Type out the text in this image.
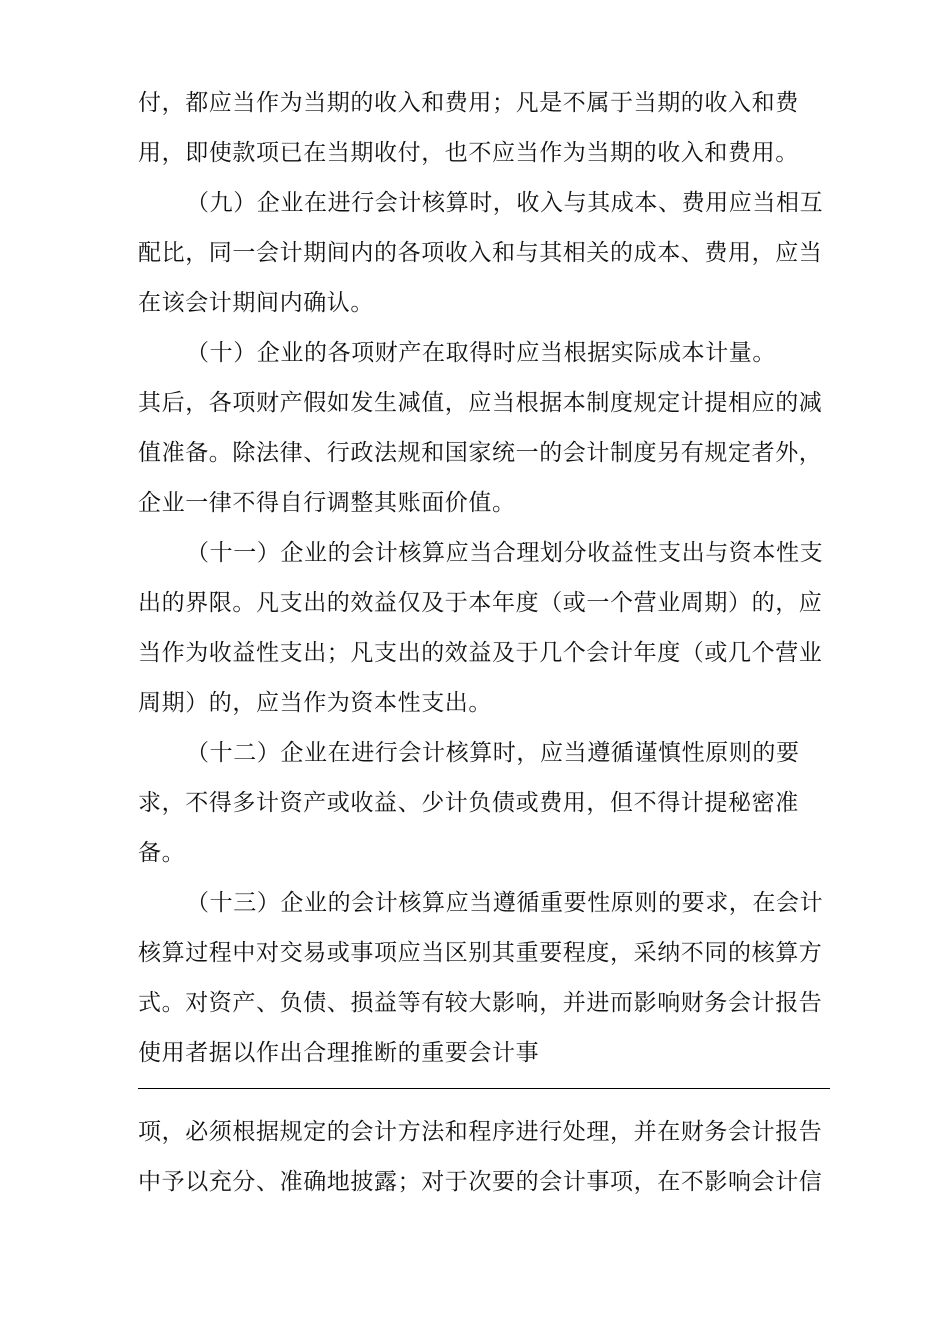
付，都应当作为当期的收入和费用；凡是不属于当期的收入和费
用，即使款项已在当期收付，也不应当作为当期的收入和费用。
（九）企业在进行会计核算时，收入与其成本、费用应当相互
配比，同一会计期间内的各项收入和与其相关的成本、费用，应当
在该会计期间内确认。
（十）企业的各项财产在取得时应当根据实际成本计量。
其后，各项财产假如发生减值，应当根据本制度规定计提相应的减
值准备。除法律、行政法规和国家统一的会计制度另有规定者外，
企业一律不得自行调整其账面价值。
（十一）企业的会计核算应当合理划分收益性支出与资本性支
出的界限。凡支出的效益仅及于本年度（或一个营业周期）的，应
当作为收益性支出；凡支出的效益及于几个会计年度（或几个营业
周期）的，应当作为资本性支出。
（十二）企业在进行会计核算时，应当遵循谨慎性原则的要
求，不得多计资产或收益、少计负债或费用，但不得计提秘密准
备。
（十三）企业的会计核算应当遵循重要性原则的要求，在会计
核算过程中对交易或事项应当区别其重要程度，采纳不同的核算方
式。对资产、负债、损益等有较大影响，并进而影响财务会计报告
使用者据以作出合理推断的重要会计事
项，必须根据规定的会计方法和程序进行处理，并在财务会计报告
中予以充分、准确地披露；对于次要的会计事项，在不影响会计信
